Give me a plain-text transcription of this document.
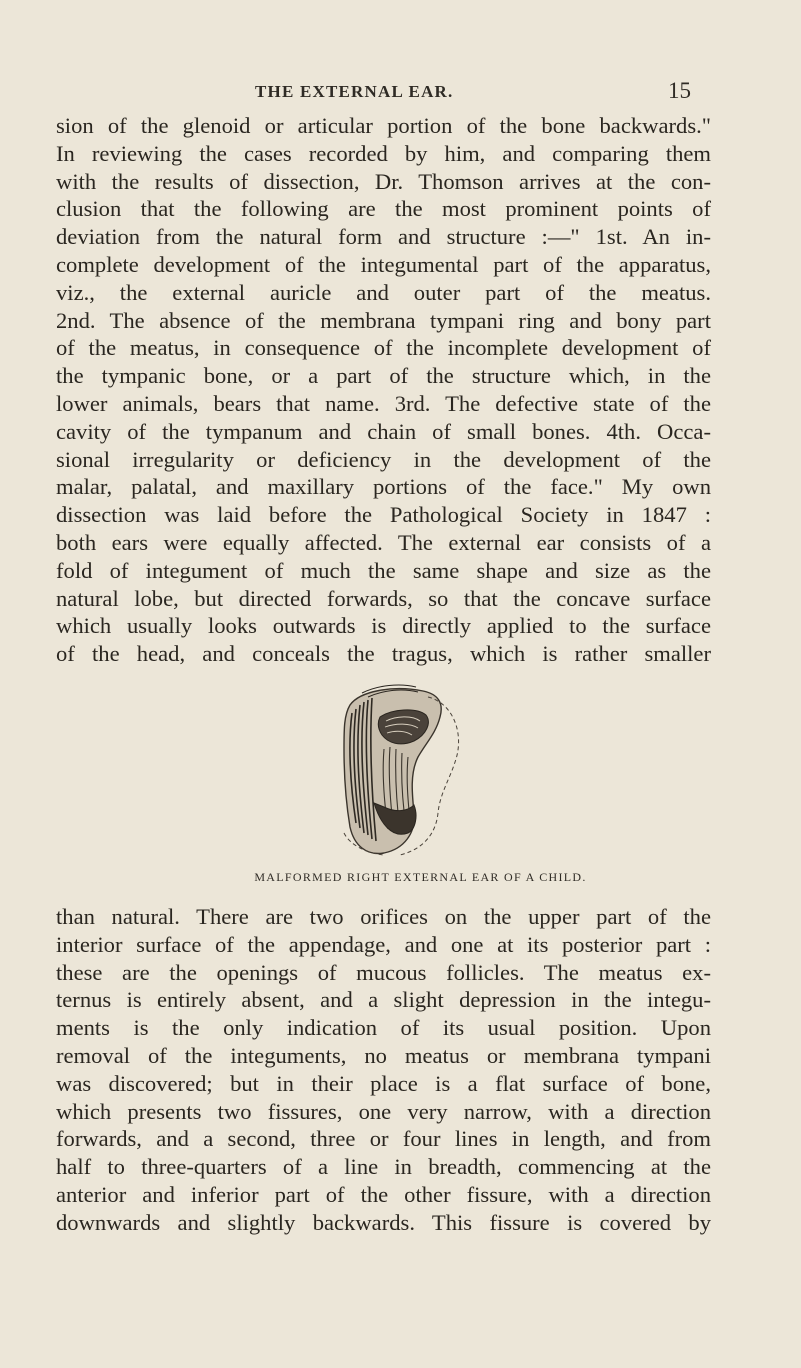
THE EXTERNAL EAR.	15
sion of the glenoid or articular portion of the bone backwards."
In reviewing the cases recorded by him, and comparing them
with the results of dissection, Dr. Thomson arrives at the con-
clusion that the following are the most prominent points of
deviation from the natural form and structure :—" 1st. An in-
complete development of the integumental part of the apparatus,
viz., the external auricle and outer part of the meatus.
2nd. The absence of the membrana tympani ring and bony part
of the meatus, in consequence of the incomplete development of
the tympanic bone, or a part of the structure which, in the
lower animals, bears that name. 3rd. The defective state of the
cavity of the tympanum and chain of small bones. 4th. Occa-
sional irregularity or deficiency in the development of the
malar, palatal, and maxillary portions of the face." My own
dissection was laid before the Pathological Society in 1847 :
both ears were equally affected. The external ear consists of a
fold of integument of much the same shape and size as the
natural lobe, but directed forwards, so that the concave surface
which usually looks outwards is directly applied to the surface
of the head, and conceals the tragus, which is rather smaller
MALFORMED RIGHT EXTERNAL EAR OF A CHILD.
than natural. There are two orifices on the upper part of the
interior surface of the appendage, and one at its posterior part :
these are the openings of mucous follicles. The meatus ex-
ternus is entirely absent, and a slight depression in the integu-
ments is the only indication of its usual position. Upon
removal of the integuments, no meatus or membrana tympani
was discovered; but in their place is a flat surface of bone,
which presents two fissures, one very narrow, with a direction
forwards, and a second, three or four lines in length, and from
half to three-quarters of a line in breadth, commencing at the
anterior and inferior part of the other fissure, with a direction
downwards and slightly backwards. This fissure is covered by
